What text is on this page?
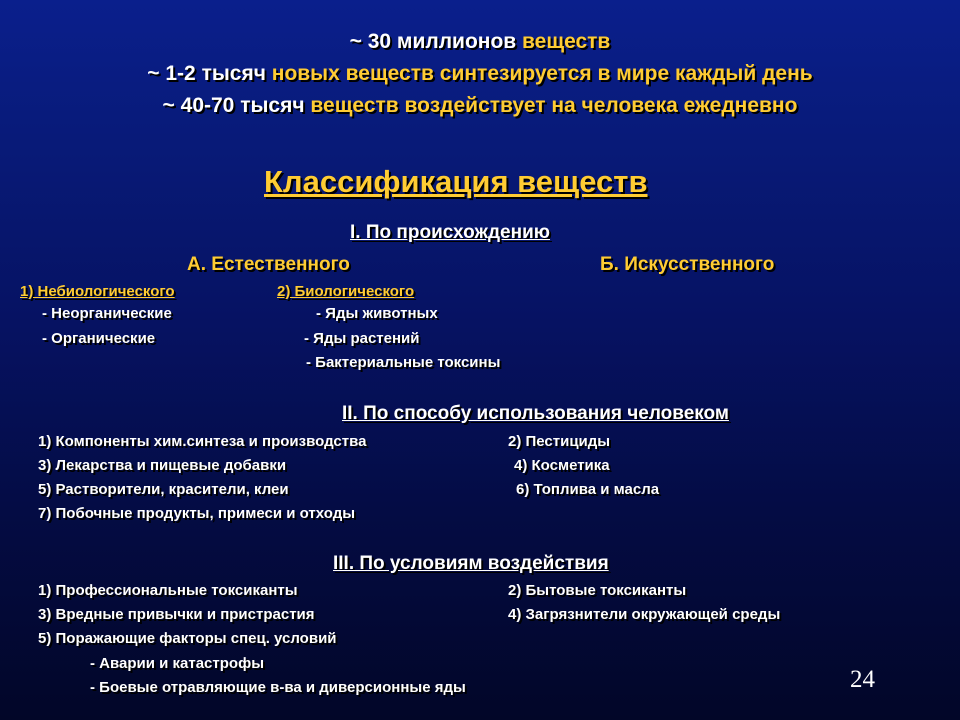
~ 30 миллионов веществ
~ 1-2 тысяч новых веществ синтезируется в мире каждый день
~ 40-70 тысяч веществ воздействует на человека ежедневно
Классификация веществ
I. По происхождению
А. Естественного	Б. Искусственного
1) Небиологического	2) Биологического
- Неорганические
- Органические
- Яды животных
- Яды растений
- Бактериальные токсины
II. По способу использования человеком
1) Компоненты хим.синтеза и производства	2) Пестициды
3) Лекарства и пищевые добавки	4) Косметика
5) Растворители, красители, клеи	6) Топлива и масла
7) Побочные продукты, примеси и отходы
III. По условиям воздействия
1) Профессиональные токсиканты	2) Бытовые токсиканты
3) Вредные привычки и пристрастия	4) Загрязнители окружающей среды
5) Поражающие факторы спец. условий
- Аварии и катастрофы
- Боевые отравляющие в-ва и диверсионные яды	24
